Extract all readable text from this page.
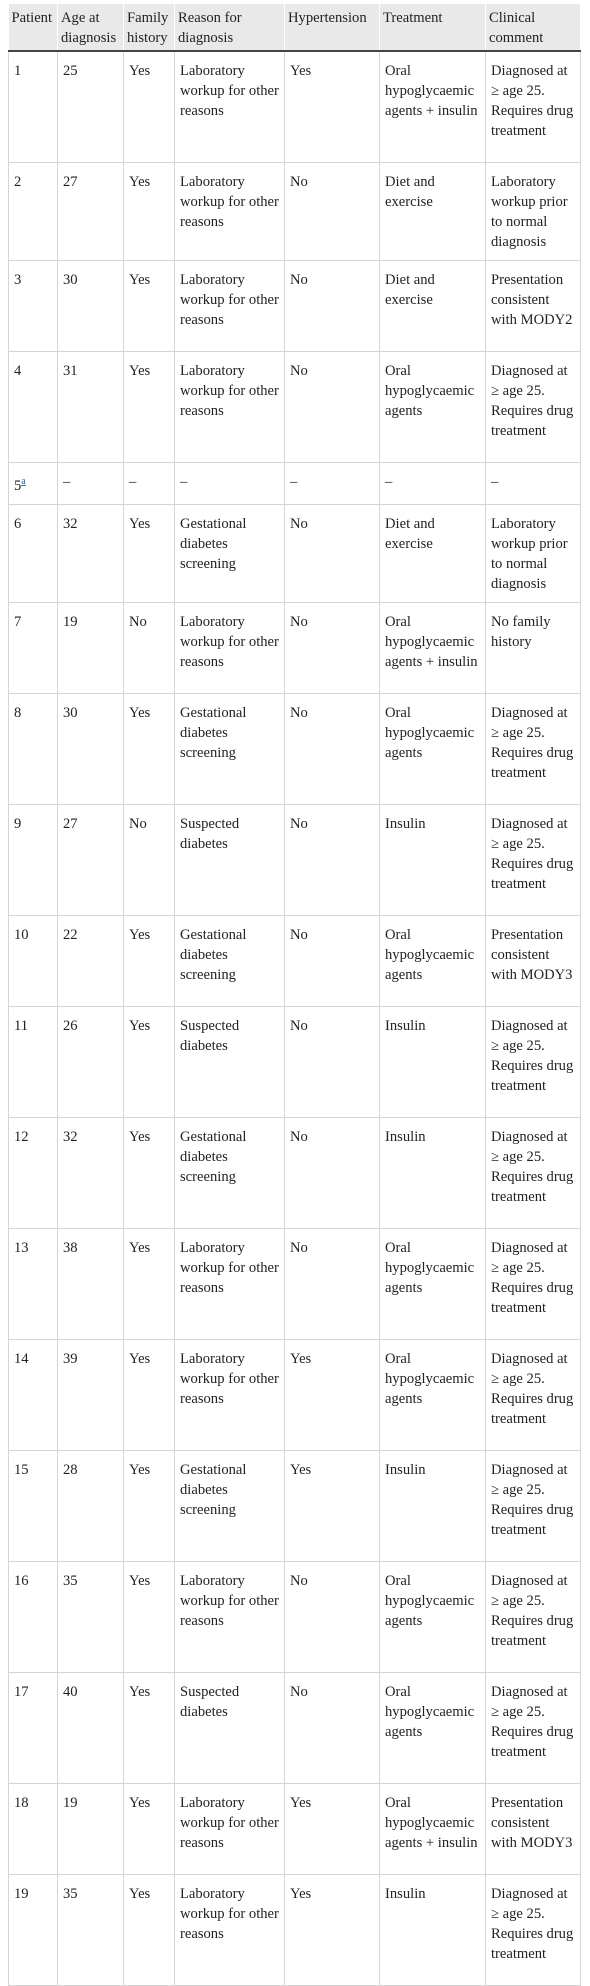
Patient	Age at diagnosis	Family history	Reason for diagnosis	Hypertension	Treatment	Clinical comment
1	25	Yes	Laboratory workup for other reasons	Yes	Oral hypoglycaemic agents + insulin	Diagnosed at ≥ age 25. Requires drug treatment
2	27	Yes	Laboratory workup for other reasons	No	Diet and exercise	Laboratory workup prior to normal diagnosis
3	30	Yes	Laboratory workup for other reasons	No	Diet and exercise	Presentation consistent with MODY2
4	31	Yes	Laboratory workup for other reasons	No	Oral hypoglycaemic agents	Diagnosed at ≥ age 25. Requires drug treatment
5$^a$	–	–	–	–	–	–
6	32	Yes	Gestational diabetes screening	No	Diet and exercise	Laboratory workup prior to normal diagnosis
7	19	No	Laboratory workup for other reasons	No	Oral hypoglycaemic agents + insulin	No family history
8	30	Yes	Gestational diabetes screening	No	Oral hypoglycaemic agents	Diagnosed at ≥ age 25. Requires drug treatment
9	27	No	Suspected diabetes	No	Insulin	Diagnosed at ≥ age 25. Requires drug treatment
10	22	Yes	Gestational diabetes screening	No	Oral hypoglycaemic agents	Presentation consistent with MODY3
11	26	Yes	Suspected diabetes	No	Insulin	Diagnosed at ≥ age 25. Requires drug treatment
12	32	Yes	Gestational diabetes screening	No	Insulin	Diagnosed at ≥ age 25. Requires drug treatment
13	38	Yes	Laboratory workup for other reasons	No	Oral hypoglycaemic agents	Diagnosed at ≥ age 25. Requires drug treatment
14	39	Yes	Laboratory workup for other reasons	Yes	Oral hypoglycaemic agents	Diagnosed at ≥ age 25. Requires drug treatment
15	28	Yes	Gestational diabetes screening	Yes	Insulin	Diagnosed at ≥ age 25. Requires drug treatment
16	35	Yes	Laboratory workup for other reasons	No	Oral hypoglycaemic agents	Diagnosed at ≥ age 25. Requires drug treatment
17	40	Yes	Suspected diabetes	No	Oral hypoglycaemic agents	Diagnosed at ≥ age 25. Requires drug treatment
18	19	Yes	Laboratory workup for other reasons	Yes	Oral hypoglycaemic agents + insulin	Presentation consistent with MODY3
19	35	Yes	Laboratory workup for other reasons	Yes	Insulin	Diagnosed at ≥ age 25. Requires drug treatment
